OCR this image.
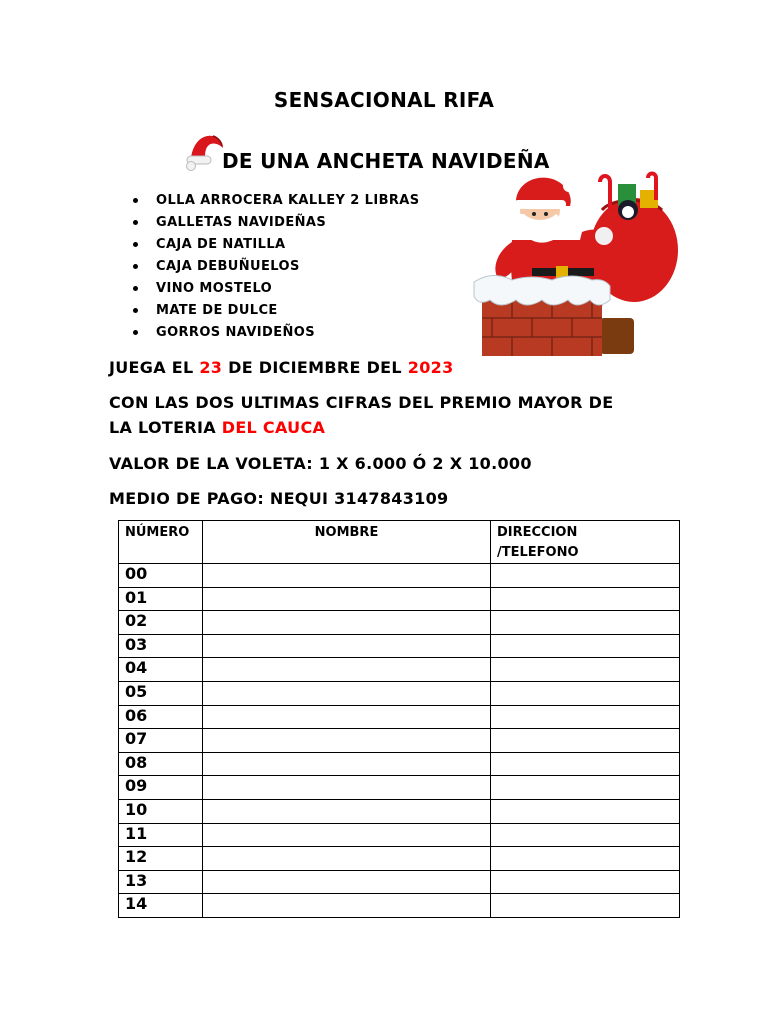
SENSACIONAL RIFA
DE UNA ANCHETA NAVIDEÑA
OLLA ARROCERA KALLEY 2 LIBRAS
GALLETAS NAVIDEÑAS
CAJA DE NATILLA
CAJA DEBUÑUELOS
VINO MOSTELO
MATE DE DULCE
GORROS NAVIDEÑOS
JUEGA EL 23 DE DICIEMBRE DEL 2023
CON LAS DOS ULTIMAS CIFRAS DEL PREMIO MAYOR DE
LA LOTERIA DEL CAUCA
VALOR DE LA VOLETA: 1 X 6.000 Ó 2 X 10.000
MEDIO DE PAGO: NEQUI 3147843109
NÚMERO	NOMBRE	DIRECCION
/TELEFONO
00		
01		
02		
03		
04		
05		
06		
07		
08		
09		
10		
11		
12		
13		
14		
